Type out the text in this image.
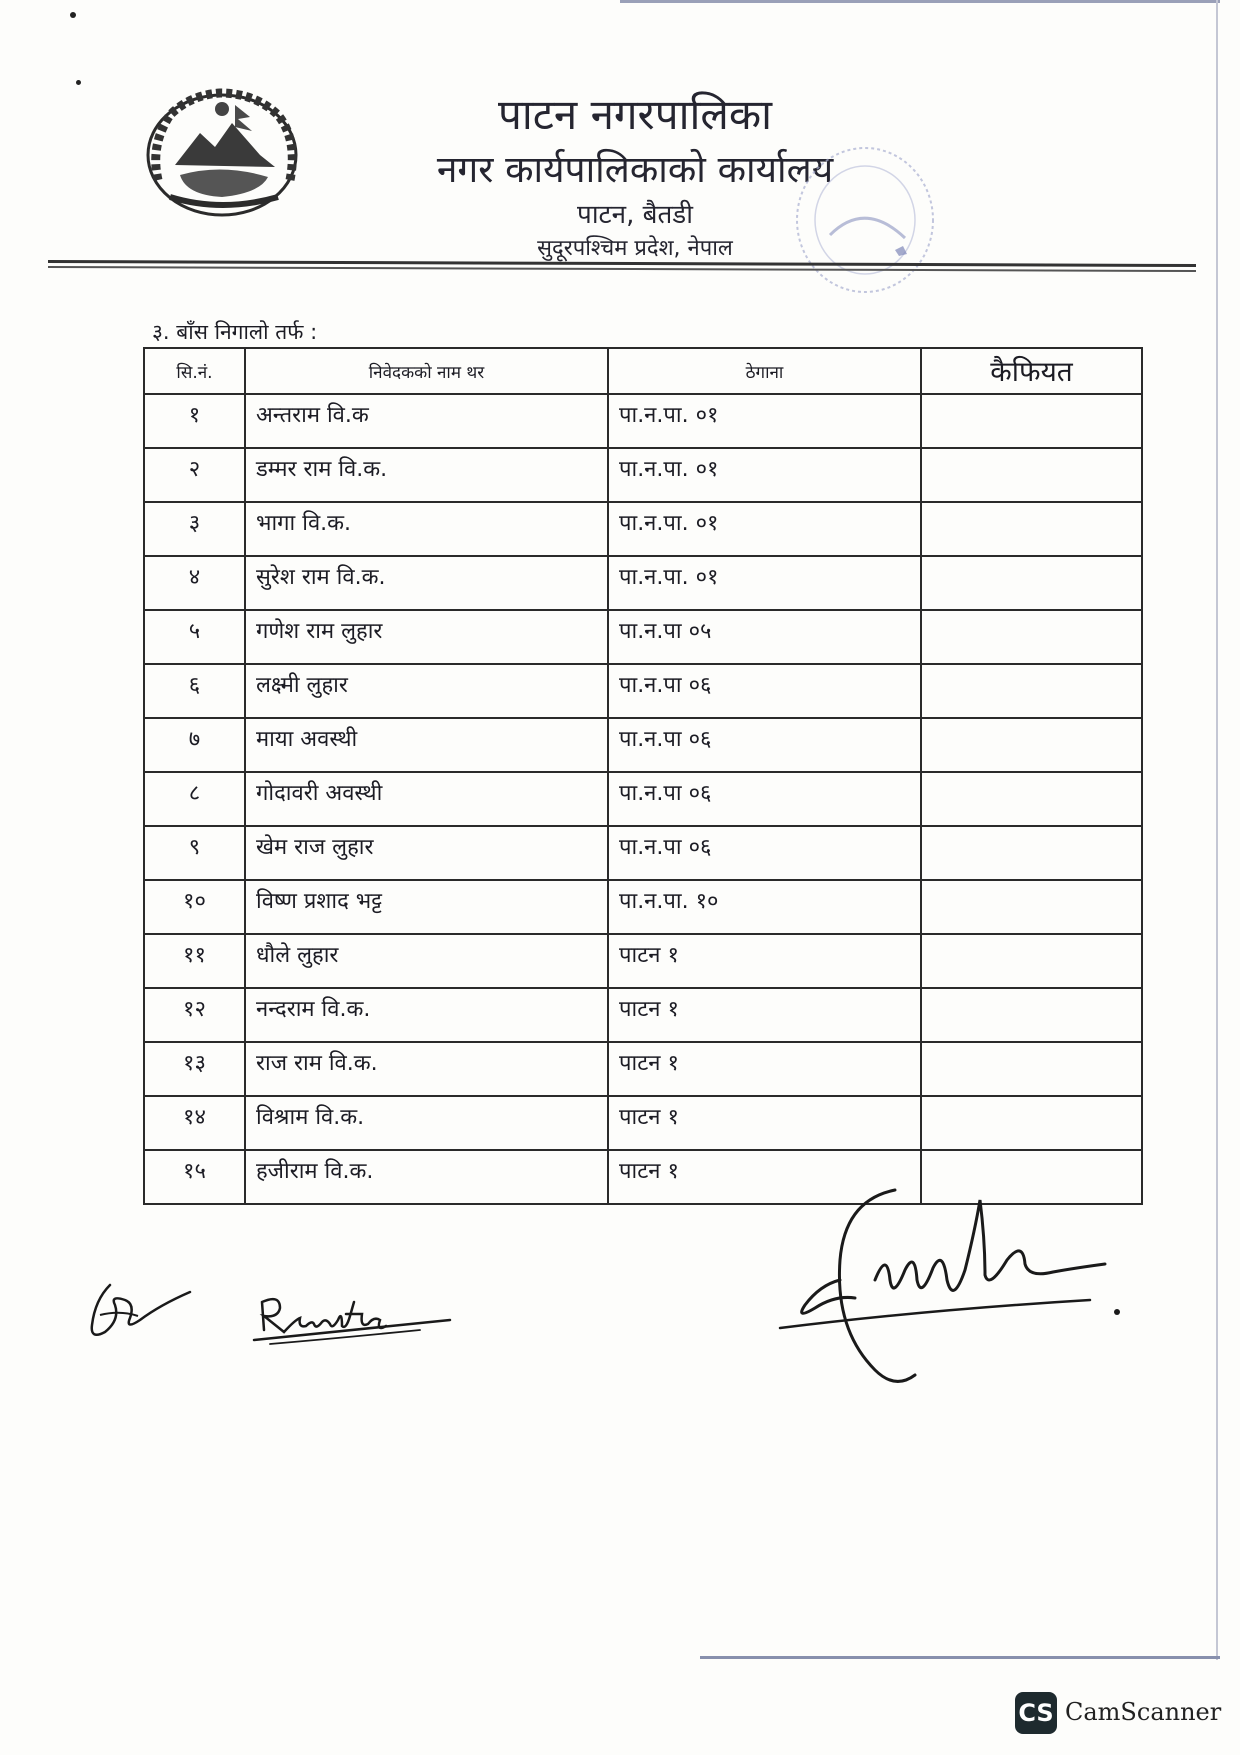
पाटन नगरपालिका
नगर कार्यपालिकाको कार्यालय
पाटन, बैतडी
सुदूरपश्चिम प्रदेश, नेपाल
३. बाँस निगालो तर्फ :
सि.नं.	निवेदकको नाम थर	ठेगाना	कैफियत
१	अन्तराम वि.क	पा.न.पा. ०१	
२	डम्मर राम वि.क.	पा.न.पा. ०१	
३	भागा वि.क.	पा.न.पा. ०१	
४	सुरेश राम वि.क.	पा.न.पा. ०१	
५	गणेश राम लुहार	पा.न.पा ०५	
६	लक्ष्मी लुहार	पा.न.पा ०६	
७	माया अवस्थी	पा.न.पा ०६	
८	गोदावरी अवस्थी	पा.न.पा ०६	
९	खेम राज लुहार	पा.न.पा ०६	
१०	विष्ण प्रशाद भट्ट	पा.न.पा. १०	
११	धौले लुहार	पाटन १	
१२	नन्दराम वि.क.	पाटन १	
१३	राज राम वि.क.	पाटन १	
१४	विश्राम वि.क.	पाटन १	
१५	हजीराम वि.क.	पाटन १	
CS CamScanner
